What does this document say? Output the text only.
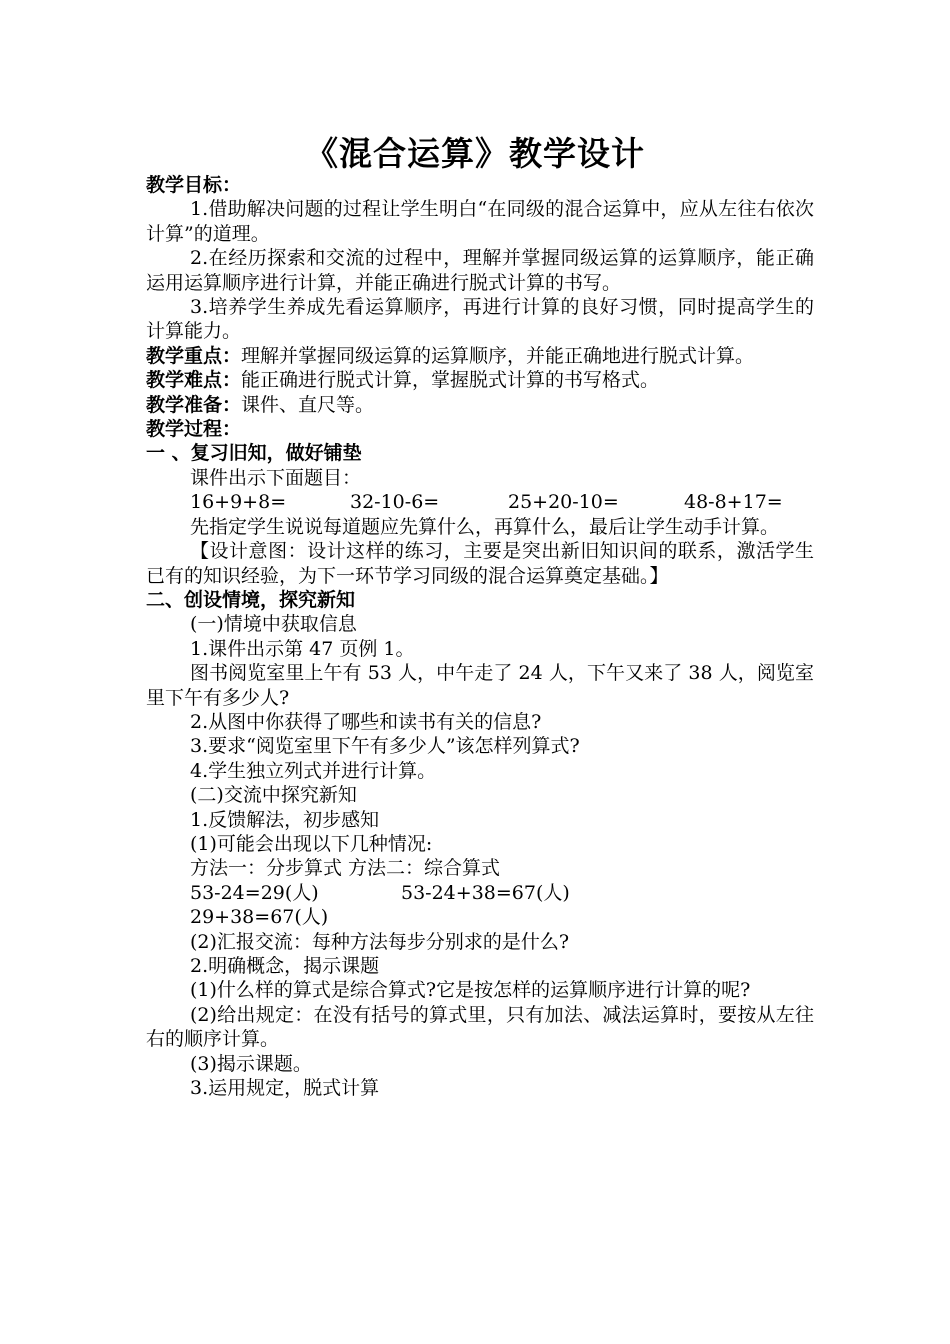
《混合运算》教学设计

教学目标：

1.借助解决问题的过程让学生明白“在同级的混合运算中，应从左往右依次计算”的道理。

2.在经历探索和交流的过程中，理解并掌握同级运算的运算顺序，能正确运用运算顺序进行计算，并能正确进行脱式计算的书写。

3.培养学生养成先看运算顺序，再进行计算的良好习惯，同时提高学生的计算能力。

教学重点：理解并掌握同级运算的运算顺序，并能正确地进行脱式计算。

教学难点：能正确进行脱式计算，掌握脱式计算的书写格式。

教学准备：课件、直尺等。

教学过程：

一 、复习旧知，做好铺垫

课件出示下面题目：

16+9+8=	32-10-6=	25+20-10=	48-8+17=

先指定学生说说每道题应先算什么，再算什么，最后让学生动手计算。

【设计意图：设计这样的练习，主要是突出新旧知识间的联系，激活学生已有的知识经验，为下一环节学习同级的混合运算奠定基础。】

二、创设情境，探究新知

(一)情境中获取信息

1.课件出示第 47 页例 1。

图书阅览室里上午有 53 人，中午走了 24 人，下午又来了 38 人，阅览室里下午有多少人?

2.从图中你获得了哪些和读书有关的信息?

3.要求“阅览室里下午有多少人”该怎样列算式?

4.学生独立列式并进行计算。

(二)交流中探究新知

1.反馈解法，初步感知

(1)可能会出现以下几种情况:

方法一：分步算式 方法二：综合算式

53-24=29(人)	53-24+38=67(人)
29+38=67(人)

(2)汇报交流：每种方法每步分别求的是什么?

2.明确概念，揭示课题

(1)什么样的算式是综合算式?它是按怎样的运算顺序进行计算的呢?

(2)给出规定：在没有括号的算式里，只有加法、减法运算时，要按从左往右的顺序计算。

(3)揭示课题。

3.运用规定，脱式计算
